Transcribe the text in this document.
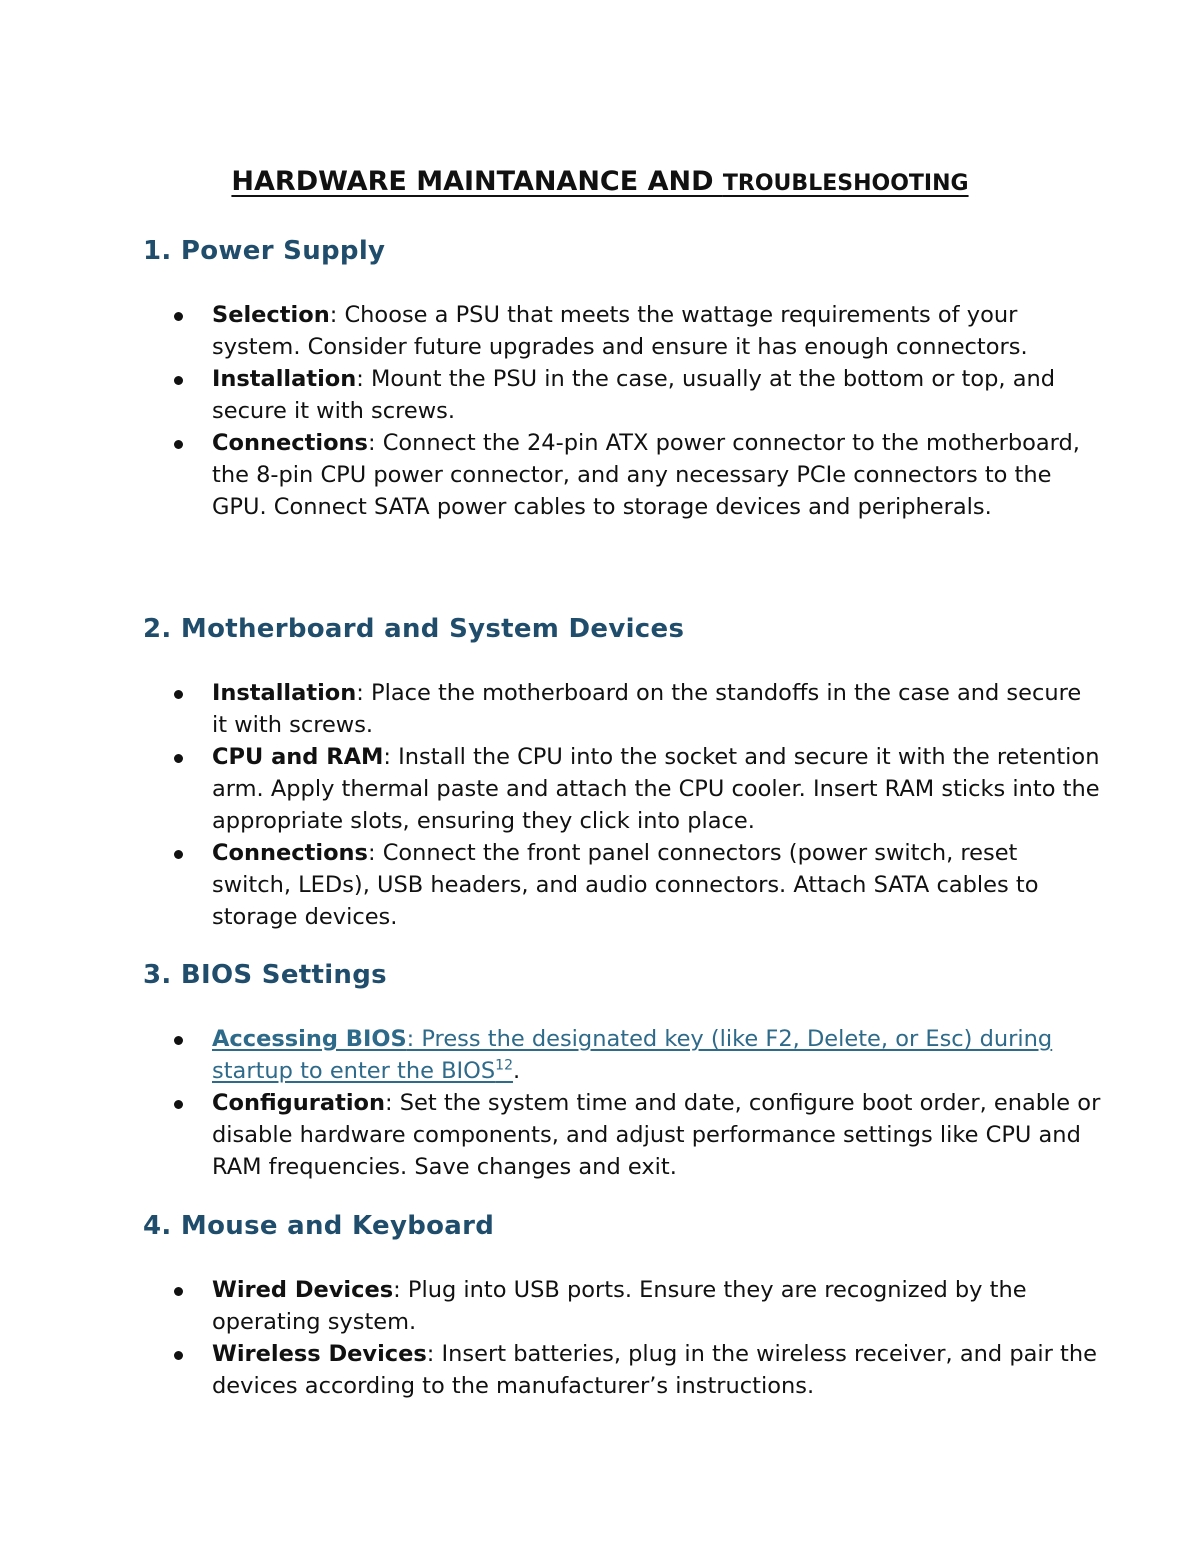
HARDWARE MAINTANANCE AND TROUBLESHOOTING
1. Power Supply
Selection: Choose a PSU that meets the wattage requirements of your system. Consider future upgrades and ensure it has enough connectors.
Installation: Mount the PSU in the case, usually at the bottom or top, and secure it with screws.
Connections: Connect the 24-pin ATX power connector to the motherboard, the 8-pin CPU power connector, and any necessary PCIe connectors to the GPU. Connect SATA power cables to storage devices and peripherals.
2. Motherboard and System Devices
Installation: Place the motherboard on the standoffs in the case and secure it with screws.
CPU and RAM: Install the CPU into the socket and secure it with the retention arm. Apply thermal paste and attach the CPU cooler. Insert RAM sticks into the appropriate slots, ensuring they click into place.
Connections: Connect the front panel connectors (power switch, reset switch, LEDs), USB headers, and audio connectors. Attach SATA cables to storage devices.
3. BIOS Settings
Accessing BIOS: Press the designated key (like F2, Delete, or Esc) during startup to enter the BIOS$^{12}$.
Configuration: Set the system time and date, configure boot order, enable or disable hardware components, and adjust performance settings like CPU and RAM frequencies. Save changes and exit.
4. Mouse and Keyboard
Wired Devices: Plug into USB ports. Ensure they are recognized by the operating system.
Wireless Devices: Insert batteries, plug in the wireless receiver, and pair the devices according to the manufacturer’s instructions.
